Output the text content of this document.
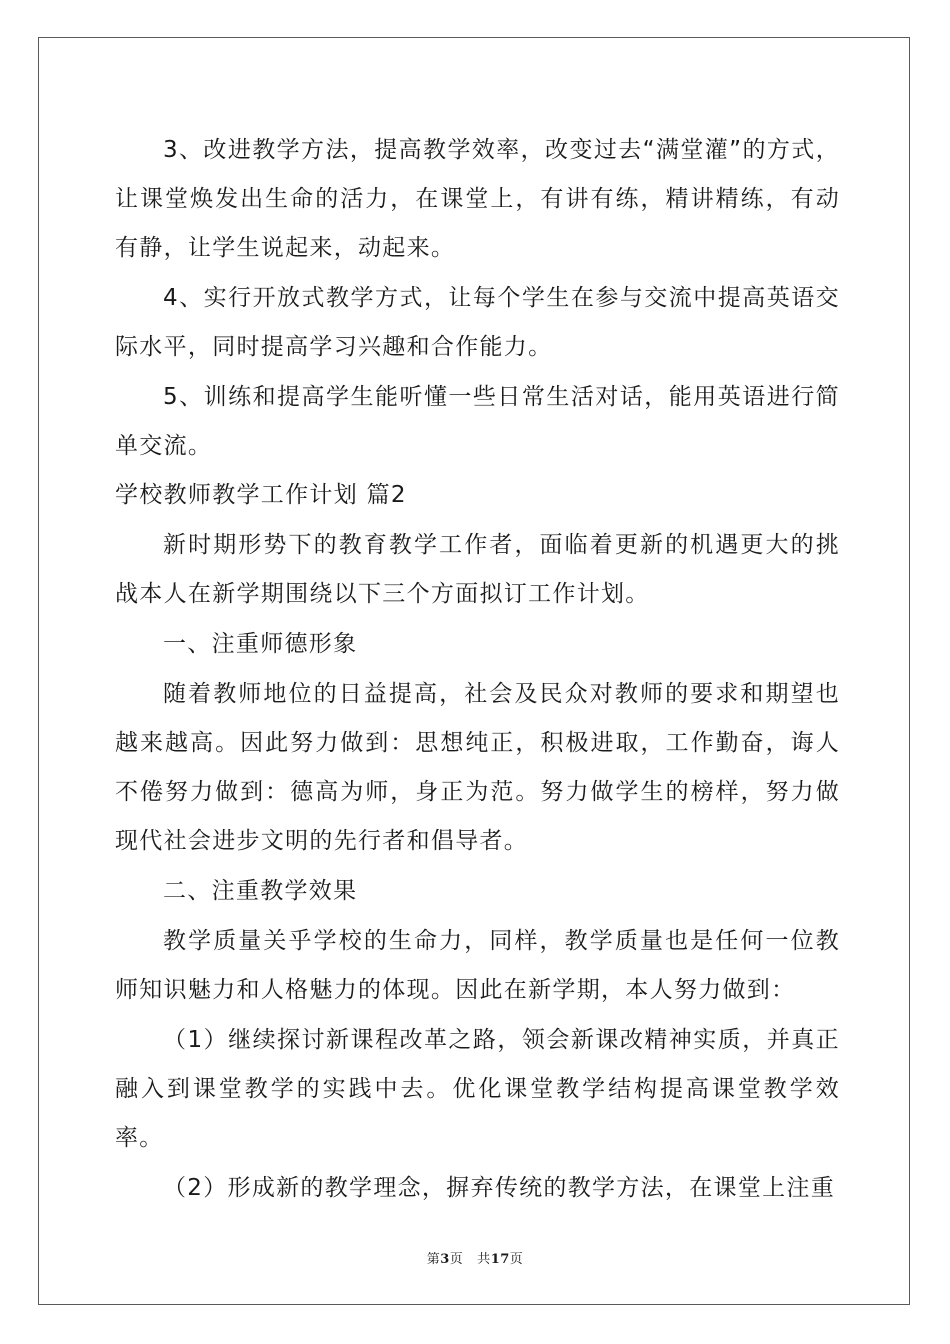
3、改进教学方法，提高教学效率，改变过去“满堂灌”的方式，让课堂焕发出生命的活力，在课堂上，有讲有练，精讲精练，有动有静，让学生说起来，动起来。

4、实行开放式教学方式，让每个学生在参与交流中提高英语交际水平，同时提高学习兴趣和合作能力。

5、训练和提高学生能听懂一些日常生活对话，能用英语进行简单交流。

学校教师教学工作计划 篇2

新时期形势下的教育教学工作者，面临着更新的机遇更大的挑战本人在新学期围绕以下三个方面拟订工作计划。

一、注重师德形象

随着教师地位的日益提高，社会及民众对教师的要求和期望也越来越高。因此努力做到：思想纯正，积极进取，工作勤奋，诲人不倦努力做到：德高为师，身正为范。努力做学生的榜样，努力做现代社会进步文明的先行者和倡导者。

二、注重教学效果

教学质量关乎学校的生命力，同样，教学质量也是任何一位教师知识魅力和人格魅力的体现。因此在新学期，本人努力做到：

（1）继续探讨新课程改革之路，领会新课改精神实质，并真正融入到课堂教学的实践中去。优化课堂教学结构提高课堂教学效率。

（2）形成新的教学理念，摒弃传统的教学方法，在课堂上注重

第3页 共17页
